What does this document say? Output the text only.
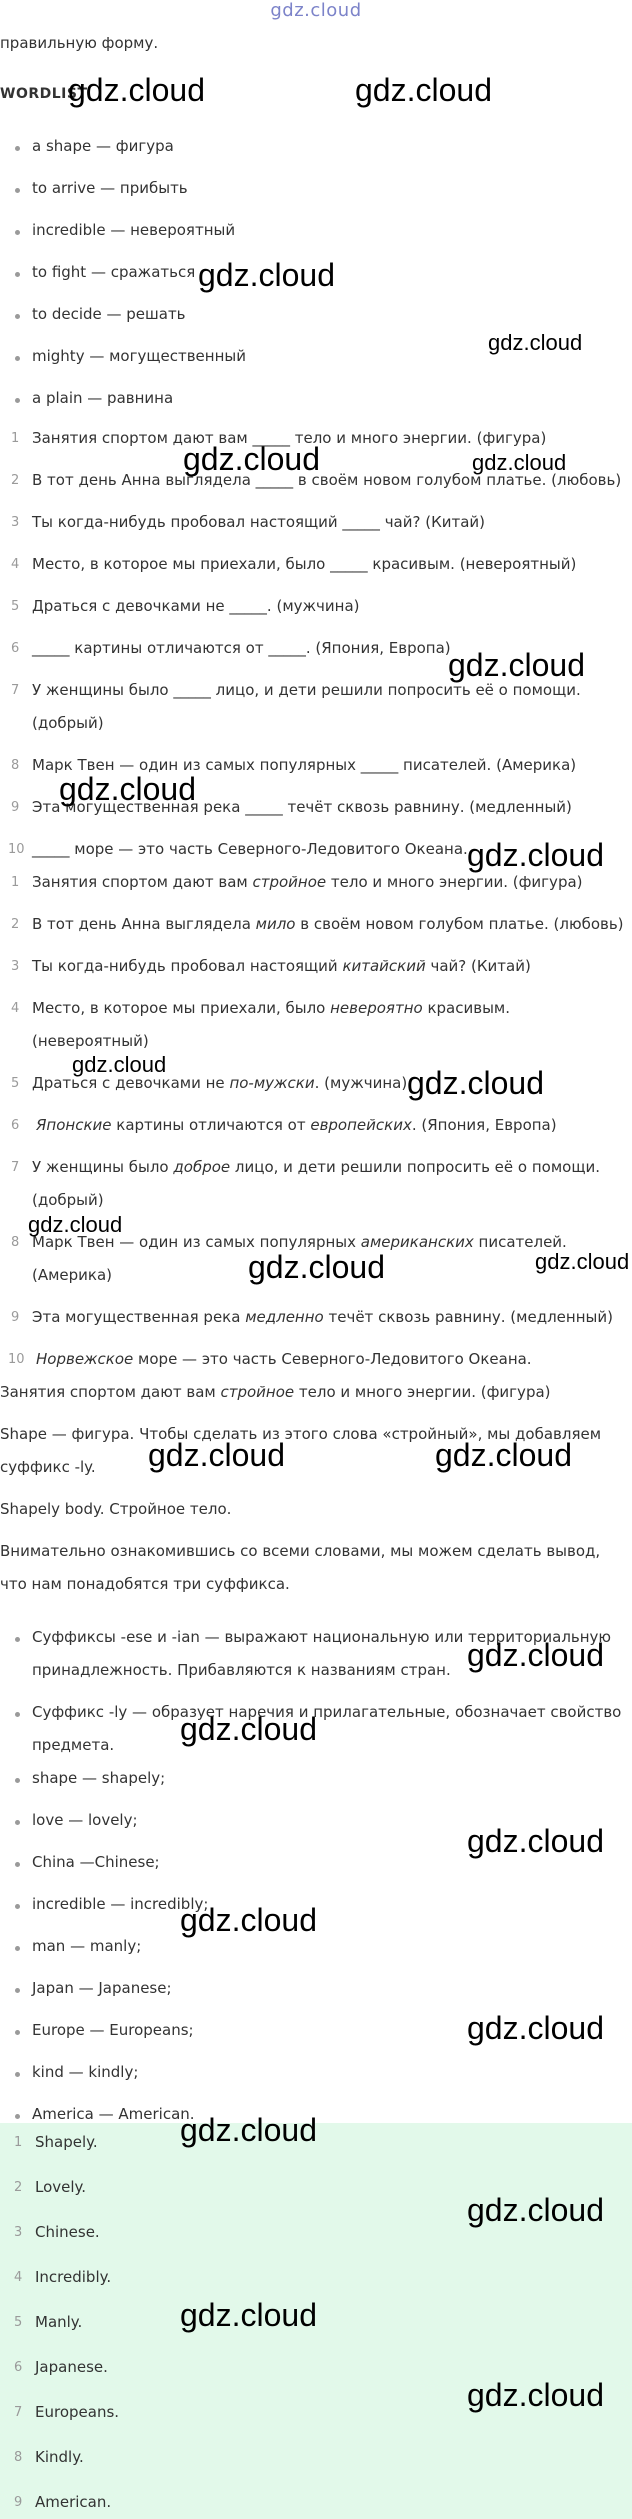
gdz.cloud
правильную форму.
WORDLIST
a shape — фигура
to arrive — прибыть
incredible — невероятный
to fight — сражаться
to decide — решать
mighty — могущественный
a plain — равнина
1 Занятия спортом дают вам _____ тело и много энергии. (фигура)
2 В тот день Анна выглядела _____ в своём новом голубом платье. (любовь)
3 Ты когда-нибудь пробовал настоящий _____ чай? (Китай)
4 Место, в которое мы приехали, было _____ красивым. (невероятный)
5 Драться с девочками не _____. (мужчина)
6 _____ картины отличаются от _____. (Япония, Европа)
7 У женщины было _____ лицо, и дети решили попросить её о помощи.
(добрый)
8 Марк Твен — один из самых популярных _____ писателей. (Америка)
9 Эта могущественная река _____ течёт сквозь равнину. (медленный)
10 _____ море — это часть Северного-Ледовитого Океана.
1 Занятия спортом дают вам стройное тело и много энергии. (фигура)
2 В тот день Анна выглядела мило в своём новом голубом платье. (любовь)
3 Ты когда-нибудь пробовал настоящий китайский чай? (Китай)
4 Место, в которое мы приехали, было невероятно красивым.
(невероятный)
5 Драться с девочками не по-мужски. (мужчина)
6 Японские картины отличаются от европейских. (Япония, Европа)
7 У женщины было доброе лицо, и дети решили попросить её о помощи.
(добрый)
8 Марк Твен — один из самых популярных американских писателей.
(Америка)
9 Эта могущественная река медленно течёт сквозь равнину. (медленный)
10 Норвежское море — это часть Северного-Ледовитого Океана.
Занятия спортом дают вам стройное тело и много энергии. (фигура)
Shape — фигура. Чтобы сделать из этого слова «стройный», мы добавляем
суффикс -ly.
Shapely body. Стройное тело.
Внимательно ознакомившись со всеми словами, мы можем сделать вывод,
что нам понадобятся три суффикса.
Суффиксы -ese и -ian — выражают национальную или территориальную
принадлежность. Прибавляются к названиям стран.
Суффикс -ly — образует наречия и прилагательные, обозначает свойство
предмета.
shape — shapely;
love — lovely;
China —Chinese;
incredible — incredibly;
man — manly;
Japan — Japanese;
Europe — Europeans;
kind — kindly;
America — American.
1 Shapely.
2 Lovely.
3 Chinese.
4 Incredibly.
5 Manly.
6 Japanese.
7 Europeans.
8 Kindly.
9 American.
gdz.cloud	gdz.cloud
gdz.cloud
gdz.cloud
gdz.cloud	gdz.cloud
gdz.cloud
gdz.cloud
gdz.cloud
gdz.cloud
gdz.cloud
gdz.cloud
gdz.cloud
gdz.cloud
gdz.cloud	gdz.cloud
gdz.cloud
gdz.cloud
gdz.cloud
gdz.cloud
gdz.cloud
gdz.cloud
gdz.cloud
gdz.cloud
gdz.cloud
